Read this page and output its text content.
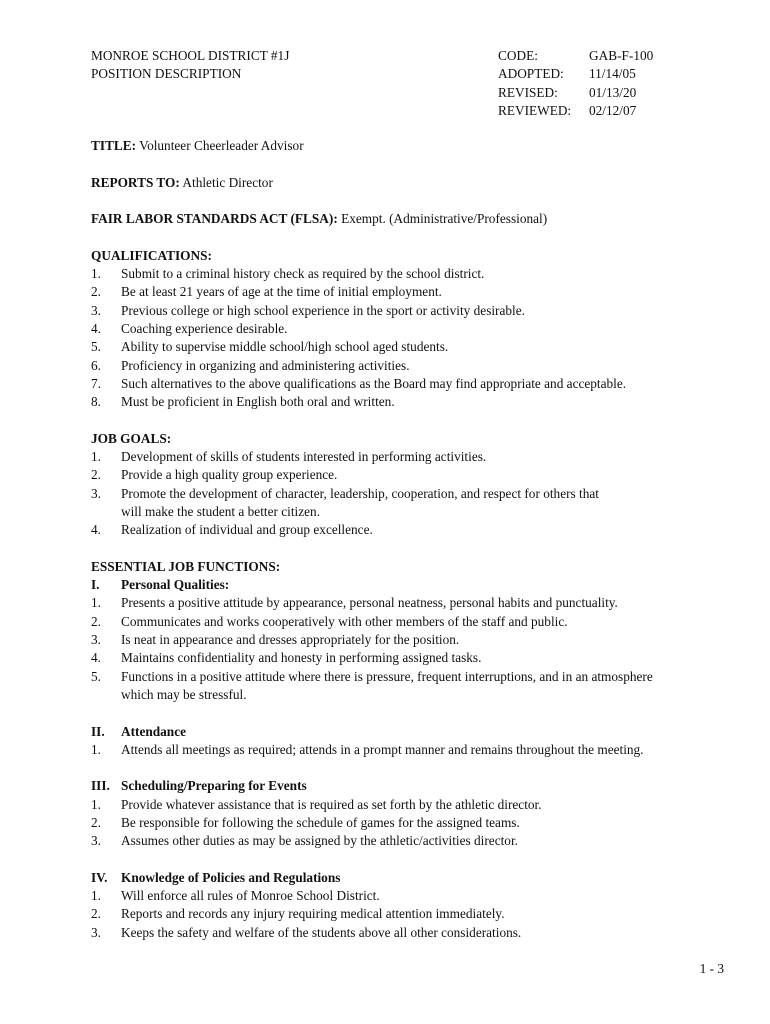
MONROE SCHOOL DISTRICT #1J
POSITION DESCRIPTION
CODE:	GAB-F-100
ADOPTED:	11/14/05
REVISED:	01/13/20
REVIEWED:	02/12/07
TITLE: Volunteer Cheerleader Advisor
REPORTS TO: Athletic Director
FAIR LABOR STANDARDS ACT (FLSA): Exempt. (Administrative/Professional)
QUALIFICATIONS:
1.	Submit to a criminal history check as required by the school district.
2.	Be at least 21 years of age at the time of initial employment.
3.	Previous college or high school experience in the sport or activity desirable.
4.	Coaching experience desirable.
5.	Ability to supervise middle school/high school aged students.
6.	Proficiency in organizing and administering activities.
7.	Such alternatives to the above qualifications as the Board may find appropriate and acceptable.
8.	Must be proficient in English both oral and written.
JOB GOALS:
1.	Development of skills of students interested in performing activities.
2.	Provide a high quality group experience.
3.	Promote the development of character, leadership, cooperation, and respect for others that
will make the student a better citizen.
4.	Realization of individual and group excellence.
ESSENTIAL JOB FUNCTIONS:
I.	Personal Qualities:
1.	Presents a positive attitude by appearance, personal neatness, personal habits and punctuality.
2.	Communicates and works cooperatively with other members of the staff and public.
3.	Is neat in appearance and dresses appropriately for the position.
4.	Maintains confidentiality and honesty in performing assigned tasks.
5.	Functions in a positive attitude where there is pressure, frequent interruptions, and in an atmosphere
which may be stressful.
II.	Attendance
1.	Attends all meetings as required; attends in a prompt manner and remains throughout the meeting.
III. Scheduling/Preparing for Events
1.	Provide whatever assistance that is required as set forth by the athletic director.
2.	Be responsible for following the schedule of games for the assigned teams.
3.	Assumes other duties as may be assigned by the athletic/activities director.
IV.	Knowledge of Policies and Regulations
1.	Will enforce all rules of Monroe School District.
2.	Reports and records any injury requiring medical attention immediately.
3.	Keeps the safety and welfare of the students above all other considerations.
1 - 3
